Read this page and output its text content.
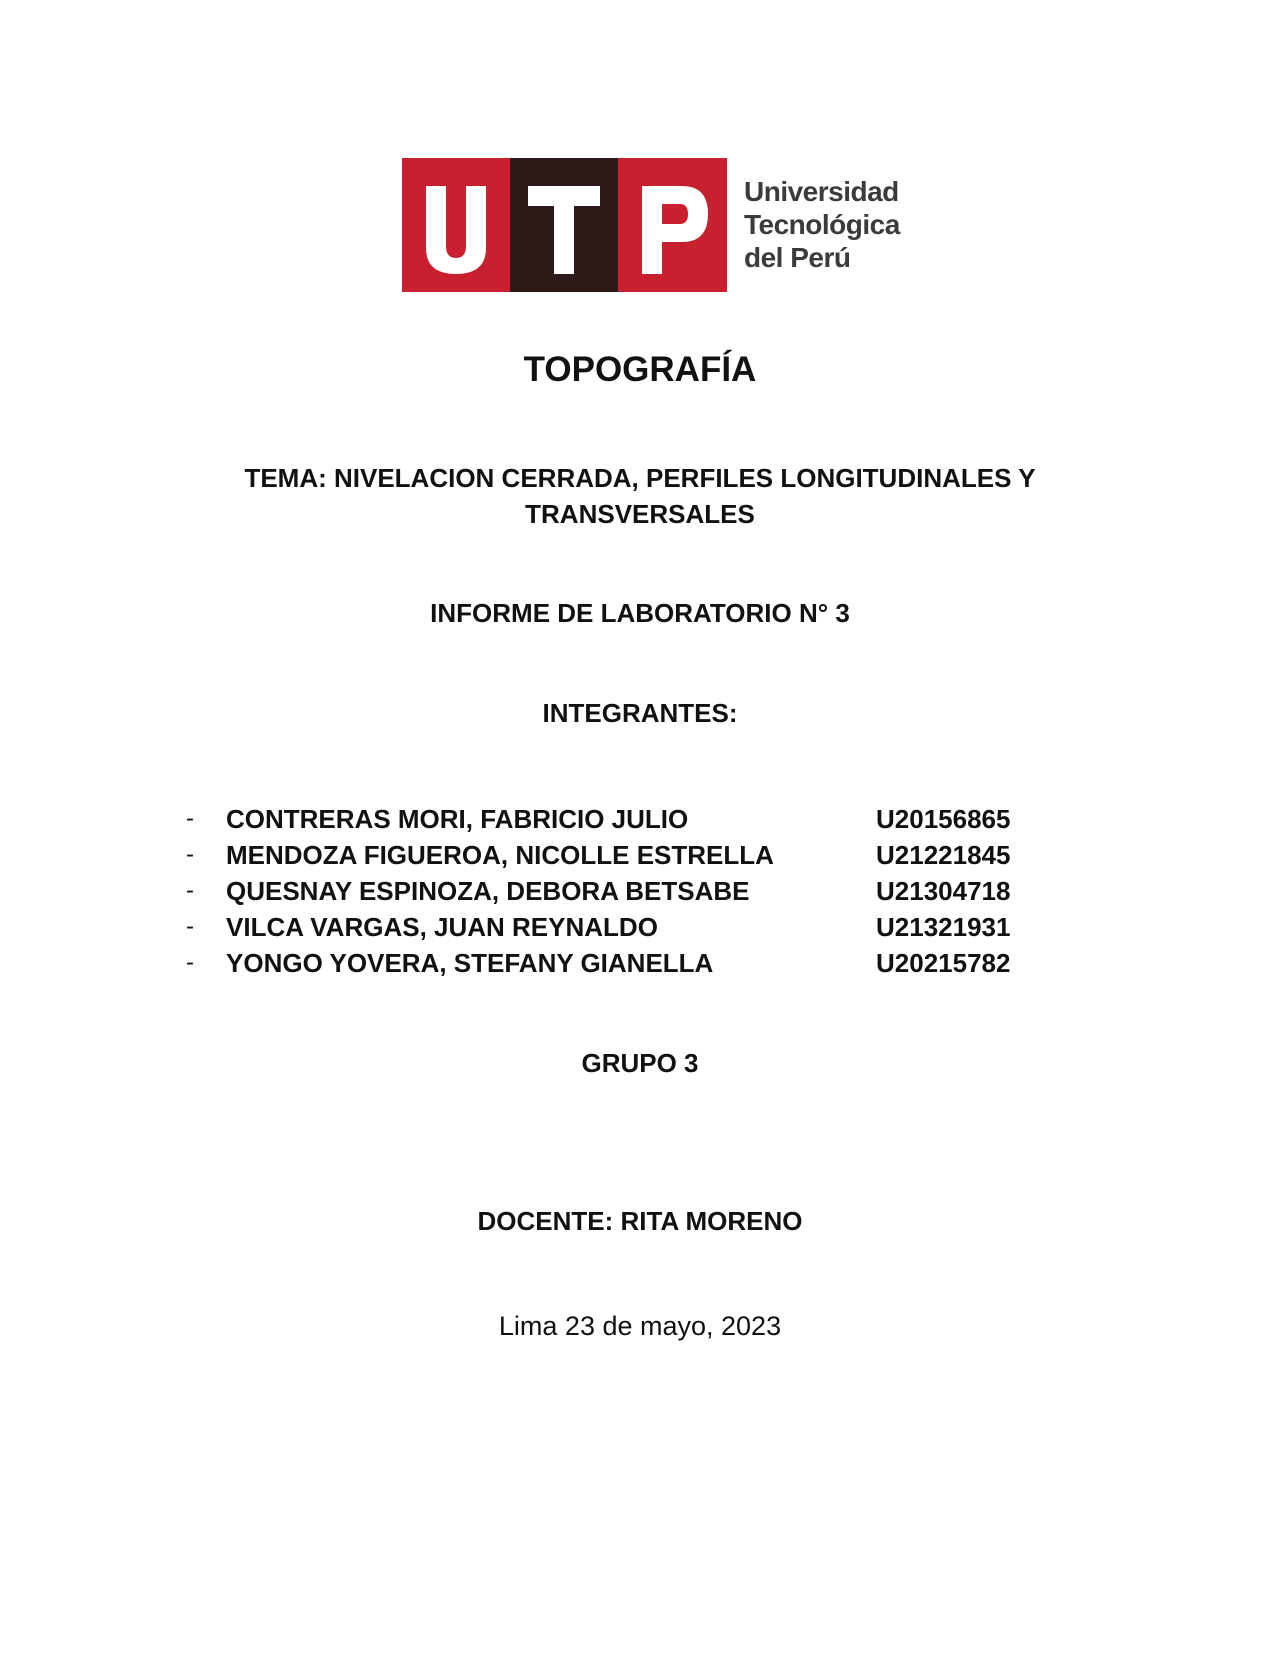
Universidad
Tecnológica
del Perú
TOPOGRAFÍA
TEMA: NIVELACION CERRADA, PERFILES LONGITUDINALES Y
TRANSVERSALES
INFORME DE LABORATORIO N° 3
INTEGRANTES:
- CONTRERAS MORI, FABRICIO JULIO	U20156865
- MENDOZA FIGUEROA, NICOLLE ESTRELLA	U21221845
- QUESNAY ESPINOZA, DEBORA BETSABE	U21304718
- VILCA VARGAS, JUAN REYNALDO	U21321931
- YONGO YOVERA, STEFANY GIANELLA	U20215782
GRUPO 3
DOCENTE: RITA MORENO
Lima 23 de mayo, 2023
